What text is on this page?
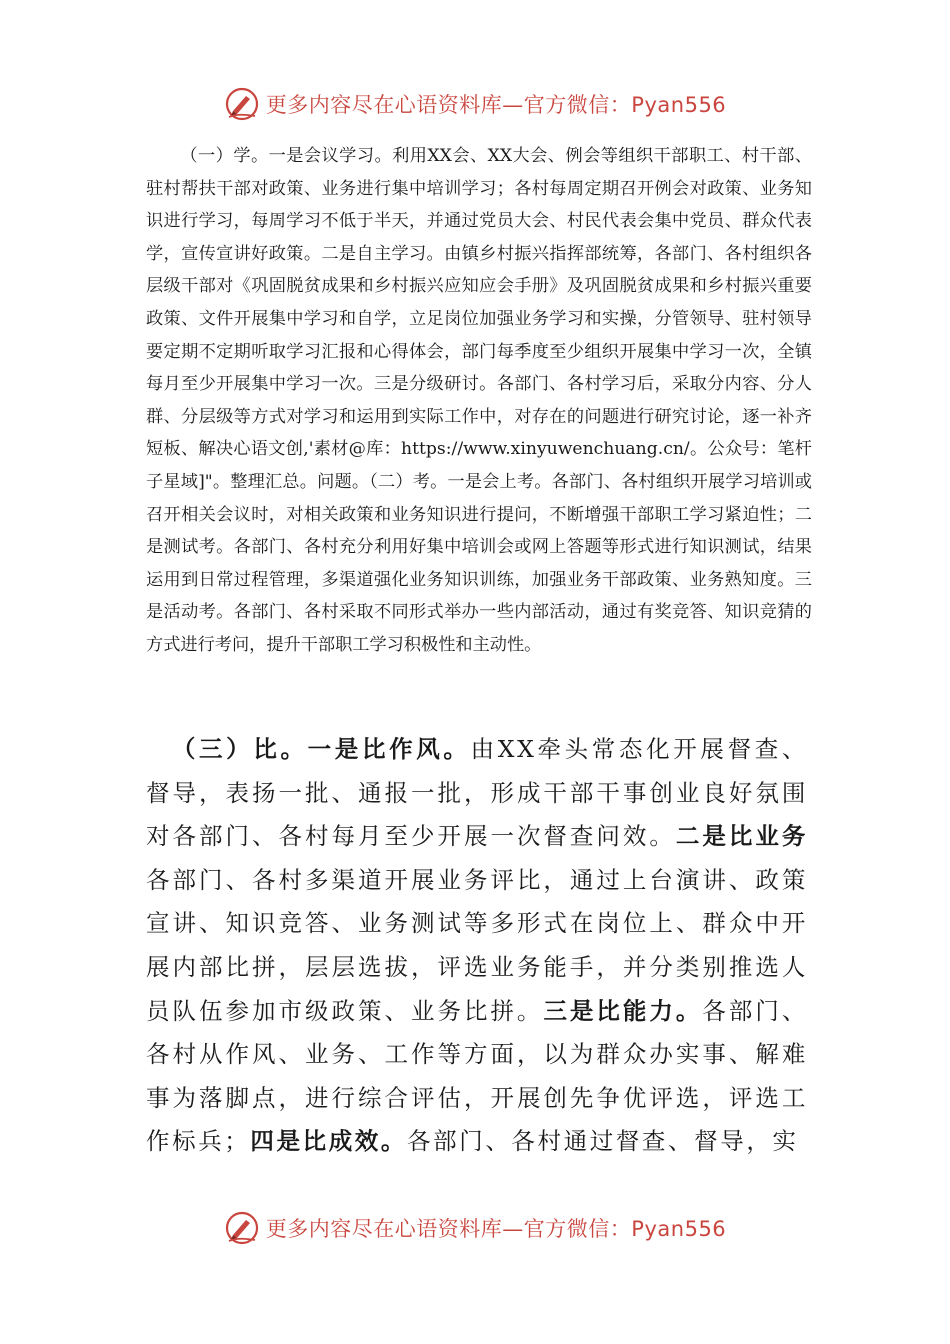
更多内容尽在心语资料库—官方微信：Pyan556

（一）学。一是会议学习。利用XX会、XX大会、例会等组织干部职工、村干部、驻村帮扶干部对政策、业务进行集中培训学习；各村每周定期召开例会对政策、业务知识进行学习，每周学习不低于半天，并通过党员大会、村民代表会集中党员、群众代表学，宣传宣讲好政策。二是自主学习。由镇乡村振兴指挥部统筹，各部门、各村组织各层级干部对《巩固脱贫成果和乡村振兴应知应会手册》及巩固脱贫成果和乡村振兴重要政策、文件开展集中学习和自学，立足岗位加强业务学习和实操，分管领导、驻村领导要定期不定期听取学习汇报和心得体会，部门每季度至少组织开展集中学习一次，全镇每月至少开展集中学习一次。三是分级研讨。各部门、各村学习后，采取分内容、分人群、分层级等方式对学习和运用到实际工作中，对存在的问题进行研究讨论，逐一补齐短板、解决心语文创,'素材@库：https://www.xinyuwenchuang.cn/。公众号：笔杆子星域]"。整理汇总。问题。（二）考。一是会上考。各部门、各村组织开展学习培训或召开相关会议时，对相关政策和业务知识进行提问，不断增强干部职工学习紧迫性；二是测试考。各部门、各村充分利用好集中培训会或网上答题等形式进行知识测试，结果运用到日常过程管理，多渠道强化业务知识训练，加强业务干部政策、业务熟知度。三是活动考。各部门、各村采取不同形式举办一些内部活动，通过有奖竞答、知识竞猜的方式进行考问，提升干部职工学习积极性和主动性。

（三）比。一是比作风。由XX牵头常态化开展督查、督导，表扬一批、通报一批，形成干部干事创业良好氛围对各部门、各村每月至少开展一次督查问效。二是比业务各部门、各村多渠道开展业务评比，通过上台演讲、政策宣讲、知识竞答、业务测试等多形式在岗位上、群众中开展内部比拼，层层选拔，评选业务能手，并分类别推选人员队伍参加市级政策、业务比拼。三是比能力。各部门、各村从作风、业务、工作等方面，以为群众办实事、解难事为落脚点，进行综合评估，开展创先争优评选，评选工作标兵；四是比成效。各部门、各村通过督查、督导，实

更多内容尽在心语资料库—官方微信：Pyan556
